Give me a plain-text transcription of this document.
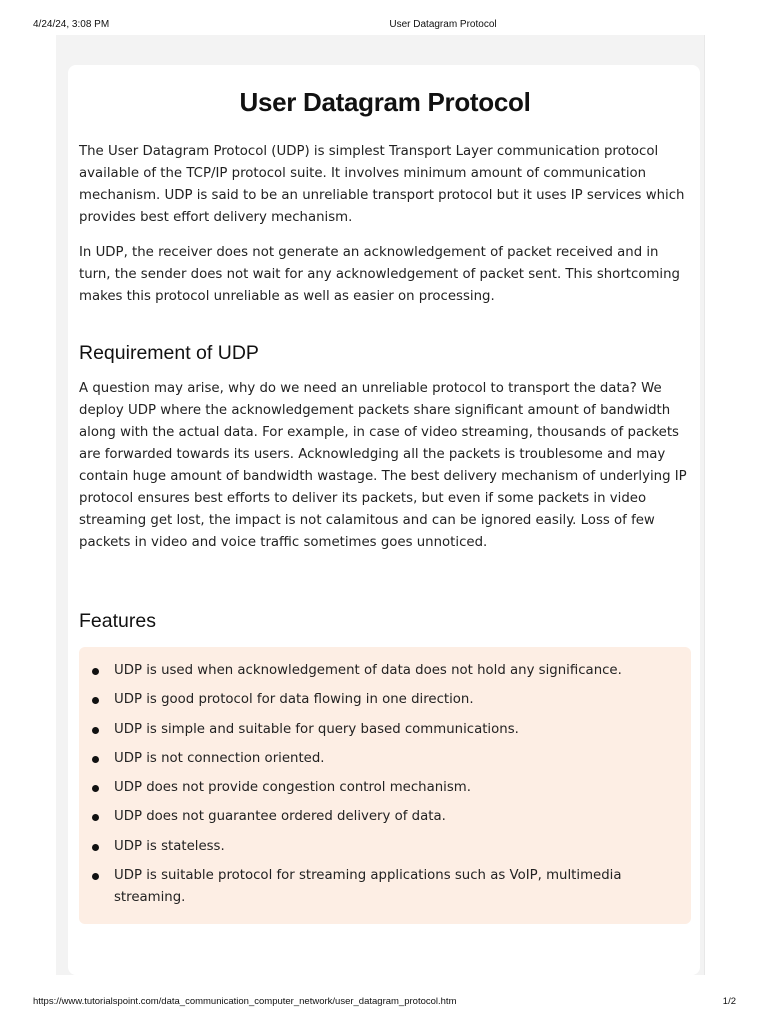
4/24/24, 3:08 PM	User Datagram Protocol
User Datagram Protocol

The User Datagram Protocol (UDP) is simplest Transport Layer communication protocol available of the TCP/IP protocol suite. It involves minimum amount of communication mechanism. UDP is said to be an unreliable transport protocol but it uses IP services which provides best effort delivery mechanism.

In UDP, the receiver does not generate an acknowledgement of packet received and in turn, the sender does not wait for any acknowledgement of packet sent. This shortcoming makes this protocol unreliable as well as easier on processing.

Requirement of UDP

A question may arise, why do we need an unreliable protocol to transport the data? We deploy UDP where the acknowledgement packets share significant amount of bandwidth along with the actual data. For example, in case of video streaming, thousands of packets are forwarded towards its users. Acknowledging all the packets is troublesome and may contain huge amount of bandwidth wastage. The best delivery mechanism of underlying IP protocol ensures best efforts to deliver its packets, but even if some packets in video streaming get lost, the impact is not calamitous and can be ignored easily. Loss of few packets in video and voice traffic sometimes goes unnoticed.

Features
UDP is used when acknowledgement of data does not hold any significance.
UDP is good protocol for data flowing in one direction.
UDP is simple and suitable for query based communications.
UDP is not connection oriented.
UDP does not provide congestion control mechanism.
UDP does not guarantee ordered delivery of data.
UDP is stateless.
UDP is suitable protocol for streaming applications such as VoIP, multimedia streaming.
https://www.tutorialspoint.com/data_communication_computer_network/user_datagram_protocol.htm	1/2
